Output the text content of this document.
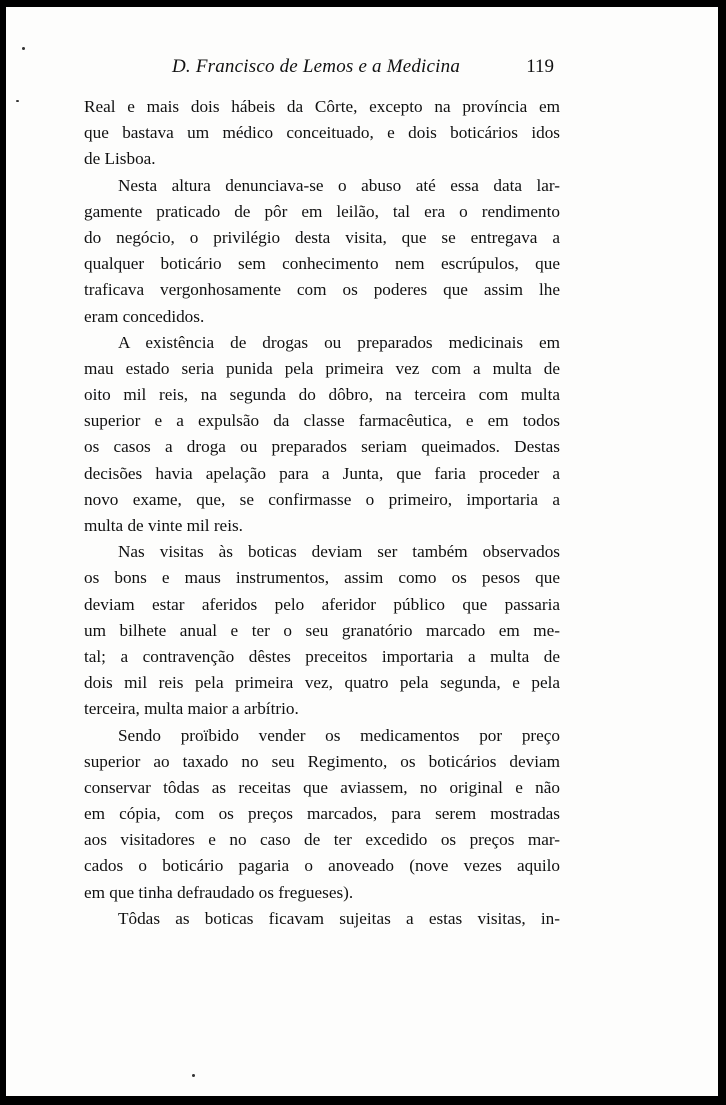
D. Francisco de Lemos e a Medicina	119
Real e mais dois hábeis da Côrte, excepto na província em
que bastava um médico conceituado, e dois boticários idos
de Lisboa.
Nesta altura denunciava-se o abuso até essa data lar-
gamente praticado de pôr em leilão, tal era o rendimento
do negócio, o privilégio desta visita, que se entregava a
qualquer boticário sem conhecimento nem escrúpulos, que
traficava vergonhosamente com os poderes que assim lhe
eram concedidos.
A existência de drogas ou preparados medicinais em
mau estado seria punida pela primeira vez com a multa de
oito mil reis, na segunda do dôbro, na terceira com multa
superior e a expulsão da classe farmacêutica, e em todos
os casos a droga ou preparados seriam queimados. Destas
decisões havia apelação para a Junta, que faria proceder a
novo exame, que, se confirmasse o primeiro, importaria a
multa de vinte mil reis.
Nas visitas às boticas deviam ser também observados
os bons e maus instrumentos, assim como os pesos que
deviam estar aferidos pelo aferidor público que passaria
um bilhete anual e ter o seu granatório marcado em me-
tal; a contravenção dêstes preceitos importaria a multa de
dois mil reis pela primeira vez, quatro pela segunda, e pela
terceira, multa maior a arbítrio.
Sendo proïbido vender os medicamentos por preço
superior ao taxado no seu Regimento, os boticários deviam
conservar tôdas as receitas que aviassem, no original e não
em cópia, com os preços marcados, para serem mostradas
aos visitadores e no caso de ter excedido os preços mar-
cados o boticário pagaria o anoveado (nove vezes aquilo
em que tinha defraudado os fregueses).
Tôdas as boticas ficavam sujeitas a estas visitas, in-
